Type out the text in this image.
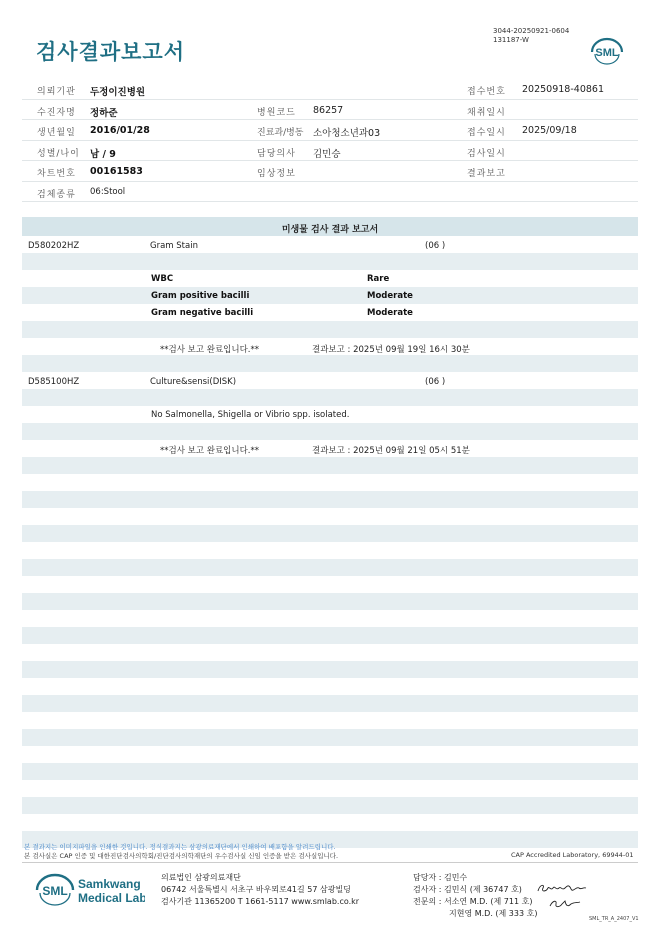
검사결과보고서
3044-20250921-0604
131187-W
SML
의뢰기관 두정이진병원	접수번호 20250918-40861
수진자명 정하준	병원코드 86257	채취일시
생년월일 2016/01/28	진료과/병동 소아청소년과03	접수일시 2025/09/18
성별/나이 남 / 9	담당의사 김민승	검사일시
차트번호 00161583	임상정보	결과보고
검체종류 06:Stool
미생물 검사 결과 보고서
D580202HZ	Gram Stain	(06 )
WBC	Rare
Gram positive bacilli	Moderate
Gram negative bacilli	Moderate
**검사 보고 완료입니다.**	결과보고 : 2025년 09월 19일 16시 30분
D585100HZ	Culture&sensi(DISK)	(06 )
No Salmonella, Shigella or Vibrio spp. isolated.
**검사 보고 완료입니다.**	결과보고 : 2025년 09월 21일 05시 51분
본 결과지는 이미지파일을 인쇄한 것입니다. 정식결과지는 삼광의료재단에서 인쇄하여 배포함을 알려드립니다.
본 검사실은 CAP 인증 및 대한진단검사의학회/진단검사의학재단의 우수검사실 신임 인증을 받은 검사실입니다.	CAP Accredited Laboratory, 69944-01
SML Samkwang
Medical Lab
의료법인 삼광의료재단
06742 서울특별시 서초구 바우뫼로41길 57 삼광빌딩
검사기관 11365200 T 1661-5117 www.smlab.co.kr
담당자 : 김민수
검사자 : 김민식 (제 36747 호)
전문의 : 서소연 M.D. (제 711 호)
지현영 M.D. (제 333 호)
SML_TR_A_2407_V1
